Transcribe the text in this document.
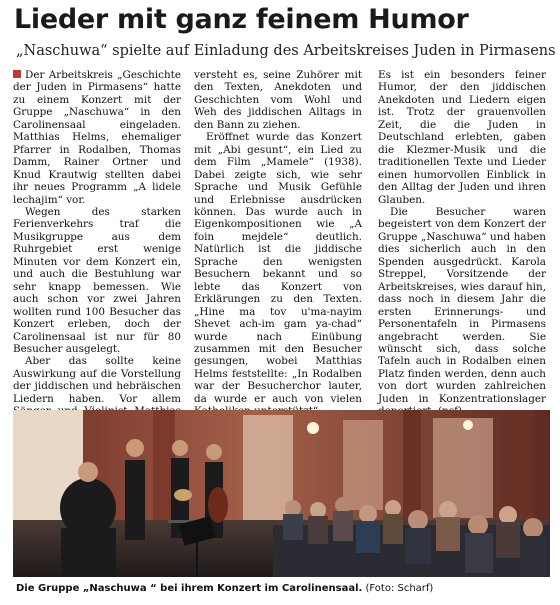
Lieder mit ganz feinem Humor
„Naschuwa“ spielte auf Einladung des Arbeitskreises Juden in Pirmasens

Der Arbeitskreis „Geschichte der Juden in Pirmasens“ hatte zu einem Konzert mit der Gruppe „Naschuwa“ in den Carolinensaal eingeladen. Matthias Helms, ehemaliger Pfarrer in Rodalben, Thomas Damm, Rainer Ortner und Knud Krautwig stellten dabei ihr neues Programm „A lidele lechajim“ vor.

Wegen des starken Ferienverkehrs traf die Musikgruppe aus dem Ruhrgebiet erst wenige Minuten vor dem Konzert ein, und auch die Bestuhlung war sehr knapp bemessen. Wie auch schon vor zwei Jahren wollten rund 100 Besucher das Konzert erleben, doch der Carolinensaal ist nur für 80 Besucher ausgelegt.

Aber das sollte keine Auswirkung auf die Vorstellung der jiddischen und hebräischen Liedern haben. Vor allem

versteht es, seine Zuhörer mit den Texten, Anekdoten und Geschichten vom Wohl und Weh des jiddischen Alltags in den Bann zu ziehen.

Eröffnet wurde das Konzert mit „Abi gesunt“, ein Lied zu dem Film „Mamele“ (1938). Dabei zeigte sich, wie sehr Sprache und Musik Gefühle und Erlebnisse ausdrücken können. Das wurde auch in Eigenkompositionen wie „A foin mejdele“ deutlich. Natürlich ist die jiddische Sprache den wenigsten Besuchern bekannt und so lebte das Konzert von Erklärungen zu den Texten. „Hine ma tov u'ma-nayim Shevet ach-im gam ya-chad“ wurde nach Einübung zusammen mit den Besucher gesungen, wobei Matthias Helms feststellte: „In Rodalben war der Besucherchor lauter, da wurde er auch von vielen

Es ist ein besonders feiner Humor, der den jiddischen Anekdoten und Liedern eigen ist. Trotz der grauenvollen Zeit, die die Juden in Deutschland erlebten, gaben die Klezmer-Musik und die traditionellen Texte und Lieder einen humorvollen Einblick in den Alltag der Juden und ihren Glauben.

Die Besucher waren begeistert von dem Konzert der Gruppe „Naschuwa“ und haben dies sicherlich auch in den Spenden ausgedrückt. Karola Streppel, Vorsitzende der Arbeitskreises, wies darauf hin, dass noch in diesem Jahr die ersten Erinnerungs- und Personentafeln in Pirmasens angebracht werden. Sie wünscht sich, dass solche Tafeln auch in Rodalben einen Platz finden werden, denn auch von dort wurden zahlreichen Juden in Konzentrationslager

Die Gruppe „Naschuwa “ bei ihrem Konzert im Carolinensaal. (Foto: Scharf)
